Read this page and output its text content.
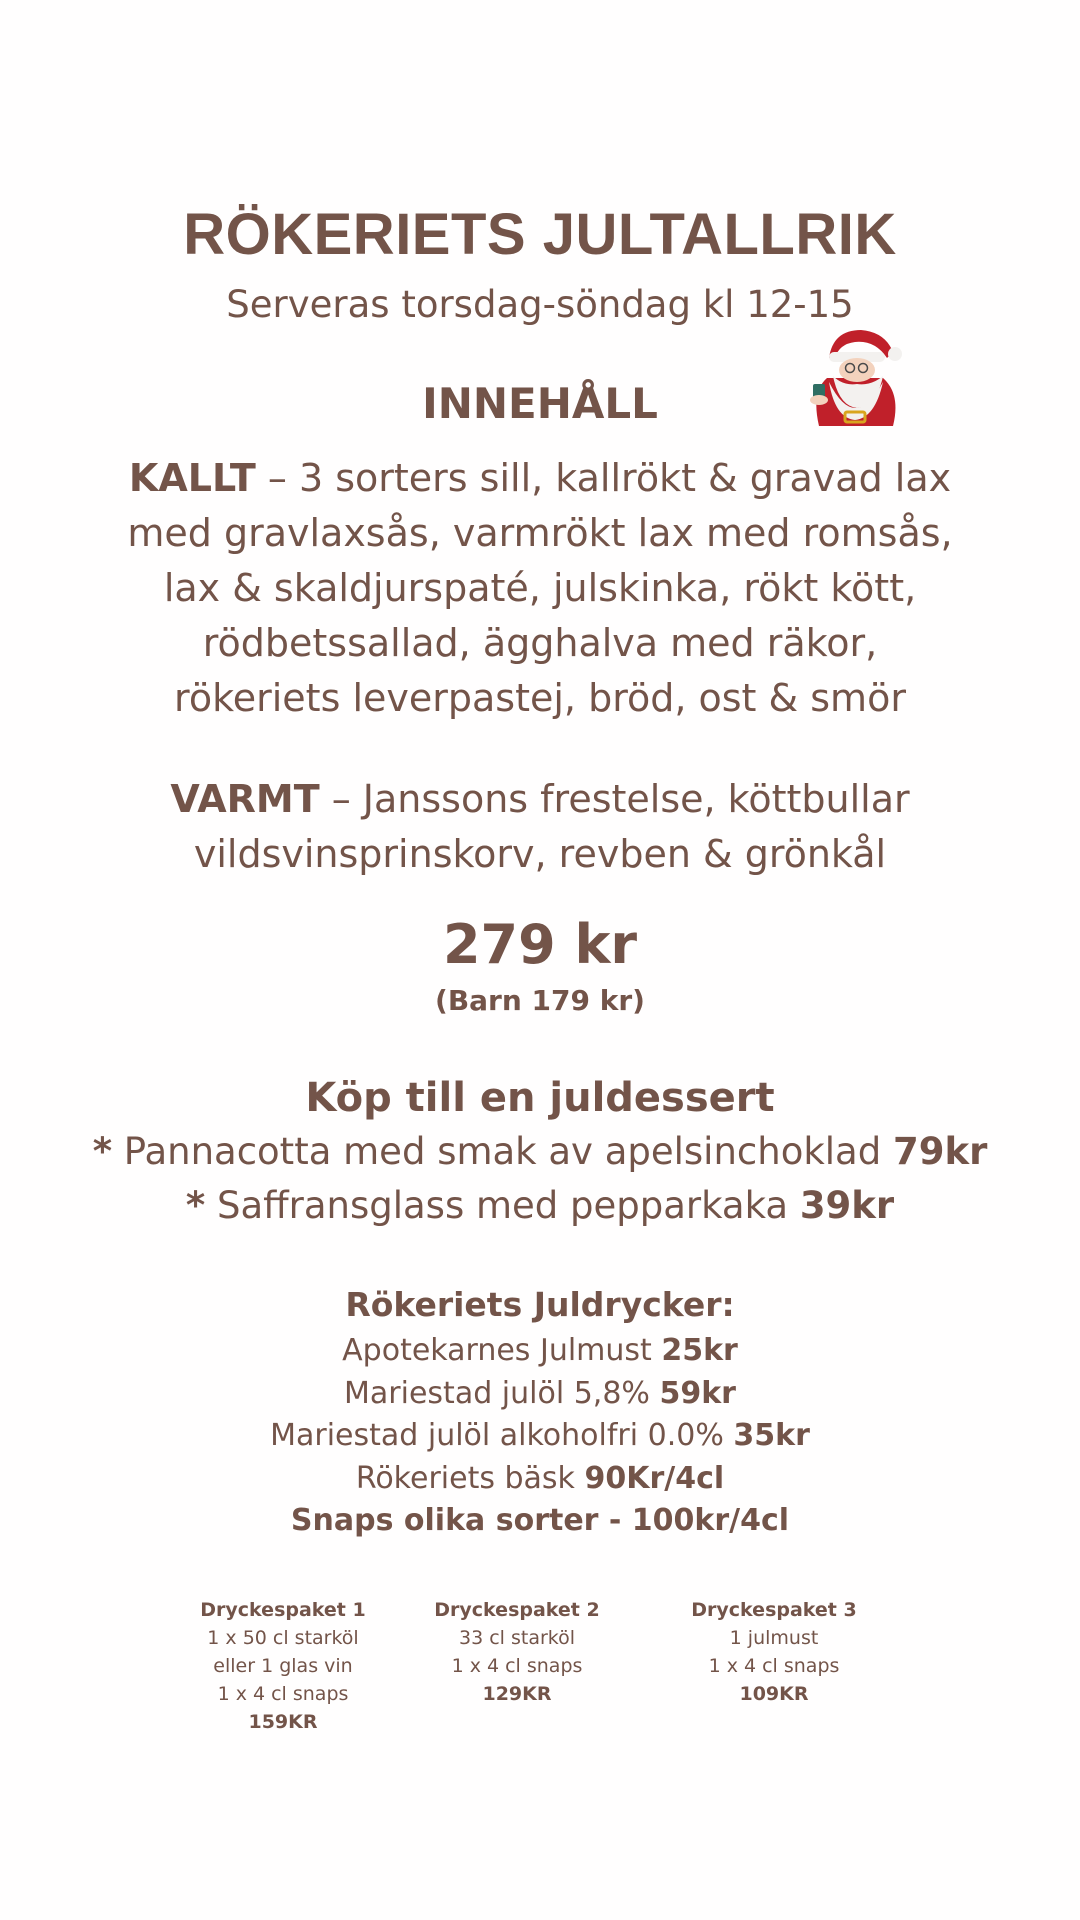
RÖKERIETS JULTALLRIK
Serveras torsdag-söndag kl 12-15
INNEHÅLL
KALLT – 3 sorters sill, kallrökt & gravad lax
med gravlaxsås, varmrökt lax med romsås,
lax & skaldjurspaté, julskinka, rökt kött,
rödbetssallad, ägghalva med räkor,
rökeriets leverpastej, bröd, ost & smör
VARMT – Janssons frestelse, köttbullar
vildsvinsprinskorv, revben & grönkål
279 kr
(Barn 179 kr)
Köp till en juldessert
* Pannacotta med smak av apelsinchoklad 79kr
* Saffransglass med pepparkaka 39kr
Rökeriets Juldrycker:
Apotekarnes Julmust 25kr
Mariestad julöl 5,8% 59kr
Mariestad julöl alkoholfri 0.0% 35kr
Rökeriets bäsk 90Kr/4cl
Snaps olika sorter - 100kr/4cl
Dryckespaket 1
1 x 50 cl starköl
eller 1 glas vin
1 x 4 cl snaps
159KR
Dryckespaket 2
33 cl starköl
1 x 4 cl snaps
129KR
Dryckespaket 3
1 julmust
1 x 4 cl snaps
109KR
